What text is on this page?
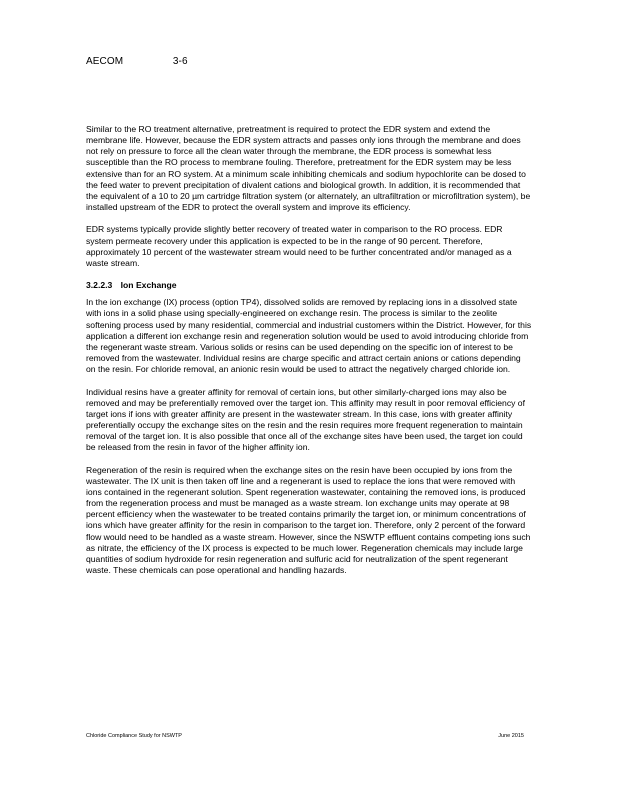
AECOM	3-6

Similar to the RO treatment alternative, pretreatment is required to protect the EDR system and extend the membrane life. However, because the EDR system attracts and passes only ions through the membrane and does not rely on pressure to force all the clean water through the membrane, the EDR process is somewhat less susceptible than the RO process to membrane fouling. Therefore, pretreatment for the EDR system may be less extensive than for an RO system. At a minimum scale inhibiting chemicals and sodium hypochlorite can be dosed to the feed water to prevent precipitation of divalent cations and biological growth. In addition, it is recommended that the equivalent of a 10 to 20 µm cartridge filtration system (or alternately, an ultrafiltration or microfiltration system), be installed upstream of the EDR to protect the overall system and improve its efficiency.

EDR systems typically provide slightly better recovery of treated water in comparison to the RO process. EDR system permeate recovery under this application is expected to be in the range of 90 percent. Therefore, approximately 10 percent of the wastewater stream would need to be further concentrated and/or managed as a waste stream.

3.2.2.3 Ion Exchange

In the ion exchange (IX) process (option TP4), dissolved solids are removed by replacing ions in a dissolved state with ions in a solid phase using specially-engineered on exchange resin. The process is similar to the zeolite softening process used by many residential, commercial and industrial customers within the District. However, for this application a different ion exchange resin and regeneration solution would be used to avoid introducing chloride from the regenerant waste stream. Various solids or resins can be used depending on the specific ion of interest to be removed from the wastewater. Individual resins are charge specific and attract certain anions or cations depending on the resin. For chloride removal, an anionic resin would be used to attract the negatively charged chloride ion.

Individual resins have a greater affinity for removal of certain ions, but other similarly-charged ions may also be removed and may be preferentially removed over the target ion. This affinity may result in poor removal efficiency of target ions if ions with greater affinity are present in the wastewater stream. In this case, ions with greater affinity preferentially occupy the exchange sites on the resin and the resin requires more frequent regeneration to maintain removal of the target ion. It is also possible that once all of the exchange sites have been used, the target ion could be released from the resin in favor of the higher affinity ion.

Regeneration of the resin is required when the exchange sites on the resin have been occupied by ions from the wastewater. The IX unit is then taken off line and a regenerant is used to replace the ions that were removed with ions contained in the regenerant solution. Spent regeneration wastewater, containing the removed ions, is produced from the regeneration process and must be managed as a waste stream. Ion exchange units may operate at 98 percent efficiency when the wastewater to be treated contains primarily the target ion, or minimum concentrations of ions which have greater affinity for the resin in comparison to the target ion. Therefore, only 2 percent of the forward flow would need to be handled as a waste stream. However, since the NSWTP effluent contains competing ions such as nitrate, the efficiency of the IX process is expected to be much lower. Regeneration chemicals may include large quantities of sodium hydroxide for resin regeneration and sulfuric acid for neutralization of the spent regenerant waste. These chemicals can pose operational and handling hazards.

Chloride Compliance Study for NSWTP	June 2015
